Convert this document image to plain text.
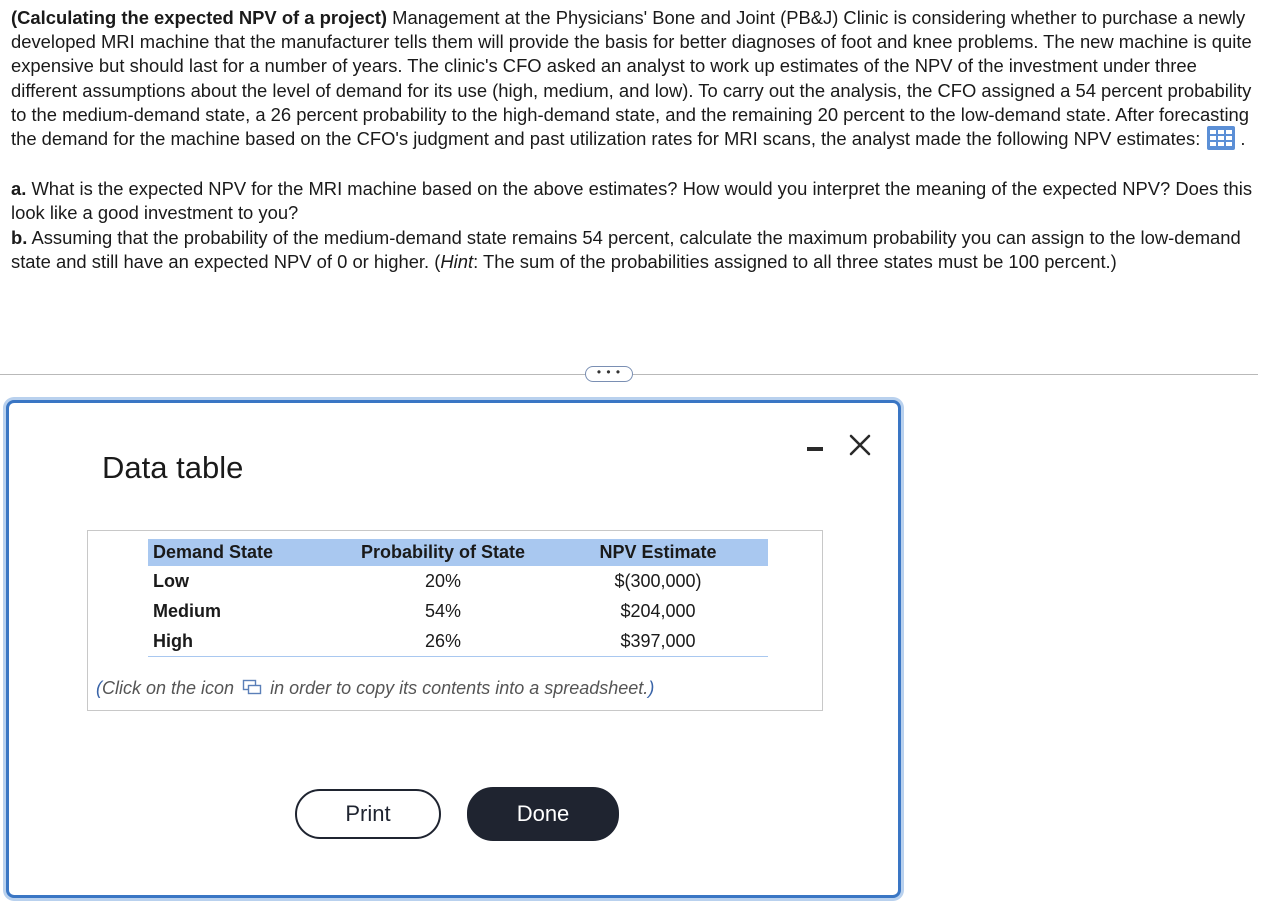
(Calculating the expected NPV of a project) Management at the Physicians' Bone and Joint (PB&J) Clinic is considering whether to purchase a newly developed MRI machine that the manufacturer tells them will provide the basis for better diagnoses of foot and knee problems. The new machine is quite expensive but should last for a number of years. The clinic's CFO asked an analyst to work up estimates of the NPV of the investment under three different assumptions about the level of demand for its use (high, medium, and low). To carry out the analysis, the CFO assigned a 54 percent probability to the medium-demand state, a 26 percent probability to the high-demand state, and the remaining 20 percent to the low-demand state. After forecasting the demand for the machine based on the CFO's judgment and past utilization rates for MRI scans, the analyst made the following NPV estimates: .

a. What is the expected NPV for the MRI machine based on the above estimates? How would you interpret the meaning of the expected NPV? Does this look like a good investment to you?

b. Assuming that the probability of the medium-demand state remains 54 percent, calculate the maximum probability you can assign to the low-demand state and still have an expected NPV of 0 or higher. (Hint: The sum of the probabilities assigned to all three states must be 100 percent.)

• • •
Data table
Demand State	Probability of State	NPV Estimate
Low	20%	$(300,000)
Medium	54%	$204,000
High	26%	$397,000
(Click on the icon in order to copy its contents into a spreadsheet.)
Print	Done
